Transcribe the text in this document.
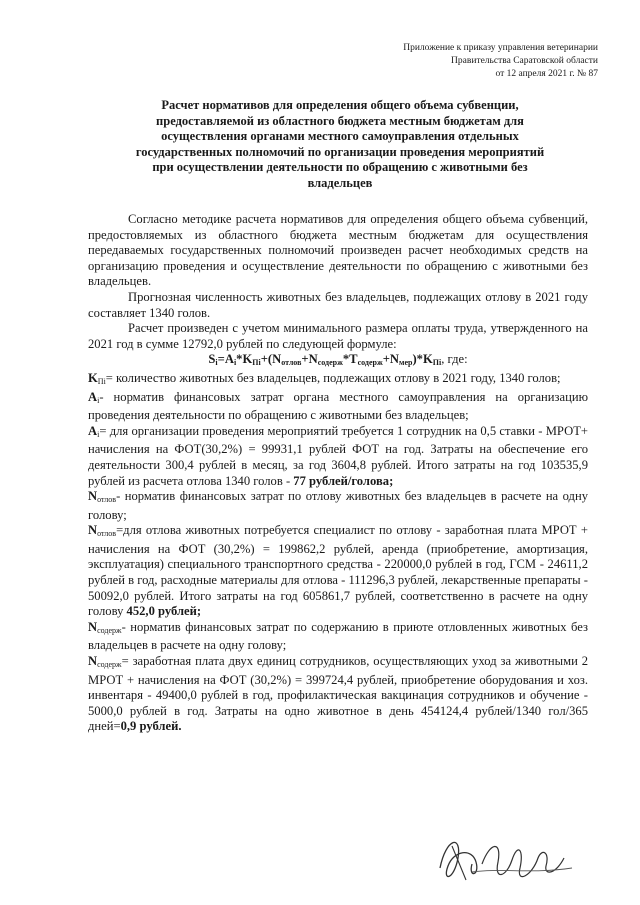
Приложение к приказу управления ветеринарии
Правительства Саратовской области
от 12 апреля 2021 г. № 87
Расчет нормативов для определения общего объема субвенции,
предоставляемой из областного бюджета местным бюджетам для
осуществления органами местного самоуправления отдельных
государственных полномочий по организации проведения мероприятий
при осуществлении деятельности по обращению с животными без
владельцев

Согласно методике расчета нормативов для определения общего объема субвенций, предостовляемых из областного бюджета местным бюджетам для осуществления передаваемых государственных полномочий произведен расчет необходимых средств на организацию проведения и осуществление деятельности по обращению с животными без владельцев.

Прогнозная численность животных без владельцев, подлежащих отлову в 2021 году составляет 1340 голов.

Расчет произведен с учетом минимального размера оплаты труда, утвержденного на 2021 год в сумме 12792,0 рублей по следующей формуле:

$S_i=A_i*K_{Пi}+(N_{отлов}+N_{содерж}*T_{содерж}+N_{мер})*K_{Пi}$, где:

$K_{Пi}=$ количество животных без владельцев, подлежащих отлову в 2021 году, 1340 голов;

$A_i-$ норматив финансовых затрат органа местного самоуправления на организацию проведения деятельности по обращению с животными без владельцев;

$A_i=$ для организации проведения мероприятий требуется 1 сотрудник на 0,5 ставки - МРОТ+ начисления на ФОТ(30,2%) = 99931,1 рублей ФОТ на год. Затраты на обеспечение его деятельности 300,4 рублей в месяц, за год 3604,8 рублей. Итого затраты на год 103535,9 рублей из расчета отлова 1340 голов - 77 рублей/голова;

$N_{отлов}-$ норматив финансовых затрат по отлову животных без владельцев в расчете на одну голову;

$N_{отлов}=для$ отлова животных потребуется специалист по отлову - заработная плата МРОТ + начисления на ФОТ (30,2%) = 199862,2 рублей, аренда (приобретение, амортизация, эксплуатация) специального транспортного средства - 220000,0 рублей в год, ГСМ - 24611,2 рублей в год, расходные материалы для отлова - 111296,3 рублей, лекарственные препараты - 50092,0 рублей. Итого затраты на год 605861,7 рублей, соответственно в расчете на одну голову 452,0 рублей;

$N_{содерж}-$ норматив финансовых затрат по содержанию в приюте отловленных животных без владельцев в расчете на одну голову;

$N_{содерж}=$ заработная плата двух единиц сотрудников, осуществляющих уход за животными 2 МРОТ + начисления на ФОТ (30,2%) = 399724,4 рублей, приобретение оборудования и хоз. инвентаря - 49400,0 рублей в год, профилактическая вакцинация сотрудников и обучение - 5000,0 рублей в год. Затраты на одно животное в день 454124,4 рублей/1340 гол/365 дней=0,9 рублей.
